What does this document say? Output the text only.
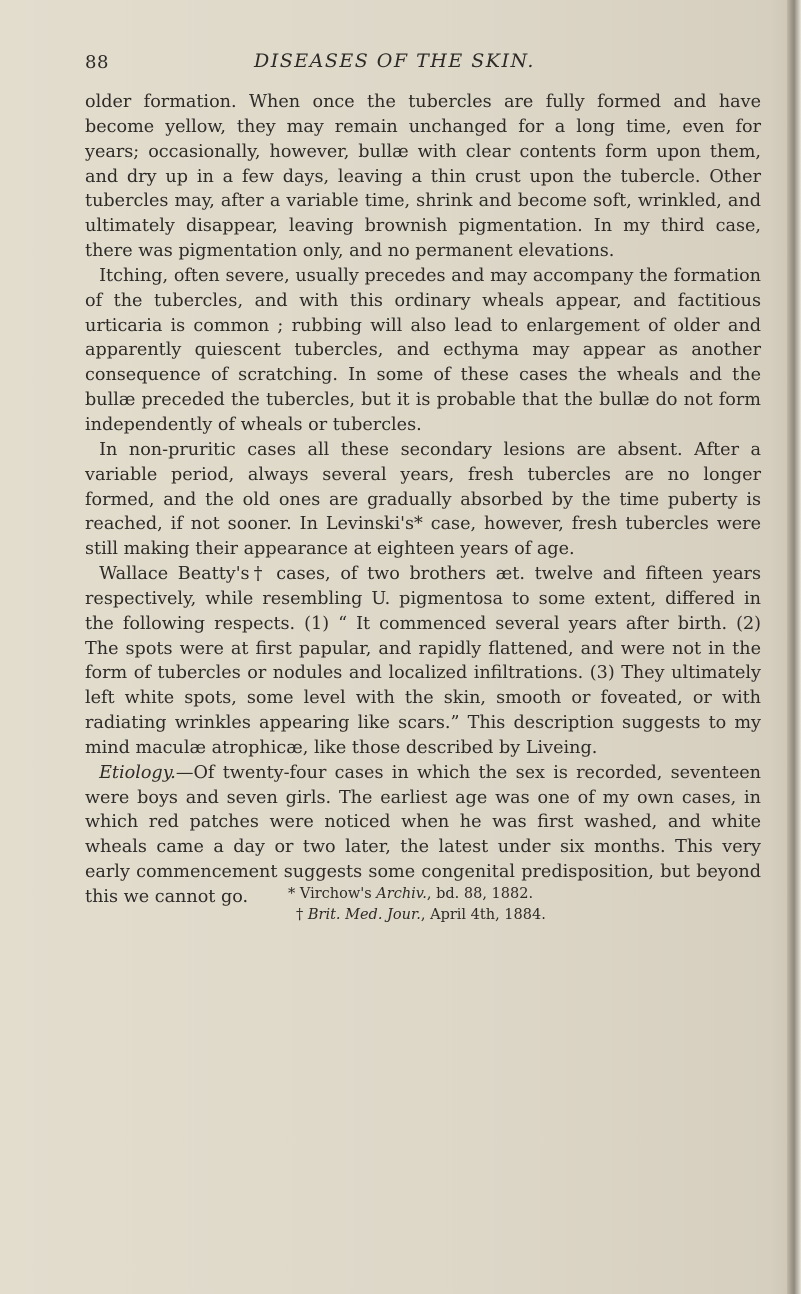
88	DISEASES OF THE SKIN.

older formation. When once the tubercles are fully formed and have become yellow, they may remain unchanged for a long time, even for years; occasionally, however, bullæ with clear contents form upon them, and dry up in a few days, leaving a thin crust upon the tubercle. Other tubercles may, after a variable time, shrink and become soft, wrinkled, and ultimately disappear, leaving brownish pigmentation. In my third case, there was pigmentation only, and no permanent elevations.

Itching, often severe, usually precedes and may accompany the formation of the tubercles, and with this ordinary wheals appear, and factitious urticaria is common ; rubbing will also lead to enlargement of older and apparently quiescent tubercles, and ecthyma may appear as another consequence of scratching. In some of these cases the wheals and the bullæ preceded the tubercles, but it is probable that the bullæ do not form independently of wheals or tubercles.

In non-pruritic cases all these secondary lesions are absent. After a variable period, always several years, fresh tubercles are no longer formed, and the old ones are gradually absorbed by the time puberty is reached, if not sooner. In Levinski's* case, however, fresh tubercles were still making their appearance at eighteen years of age.

Wallace Beatty's† cases, of two brothers æt. twelve and fifteen years respectively, while resembling U. pigmentosa to some extent, differed in the following respects. (1) “ It commenced several years after birth. (2) The spots were at first papular, and rapidly flattened, and were not in the form of tubercles or nodules and localized infiltrations. (3) They ultimately left white spots, some level with the skin, smooth or foveated, or with radiating wrinkles appearing like scars.” This description suggests to my mind maculæ atrophicæ, like those described by Liveing.

Etiology.—Of twenty-four cases in which the sex is recorded, seventeen were boys and seven girls. The earliest age was one of my own cases, in which red patches were noticed when he was first washed, and white wheals came a day or two later, the latest under six months. This very early commencement suggests some congenital predisposition, but beyond this we cannot go.	* Virchow's Archiv., bd. 88, 1882.
† Brit. Med. Jour., April 4th, 1884.
